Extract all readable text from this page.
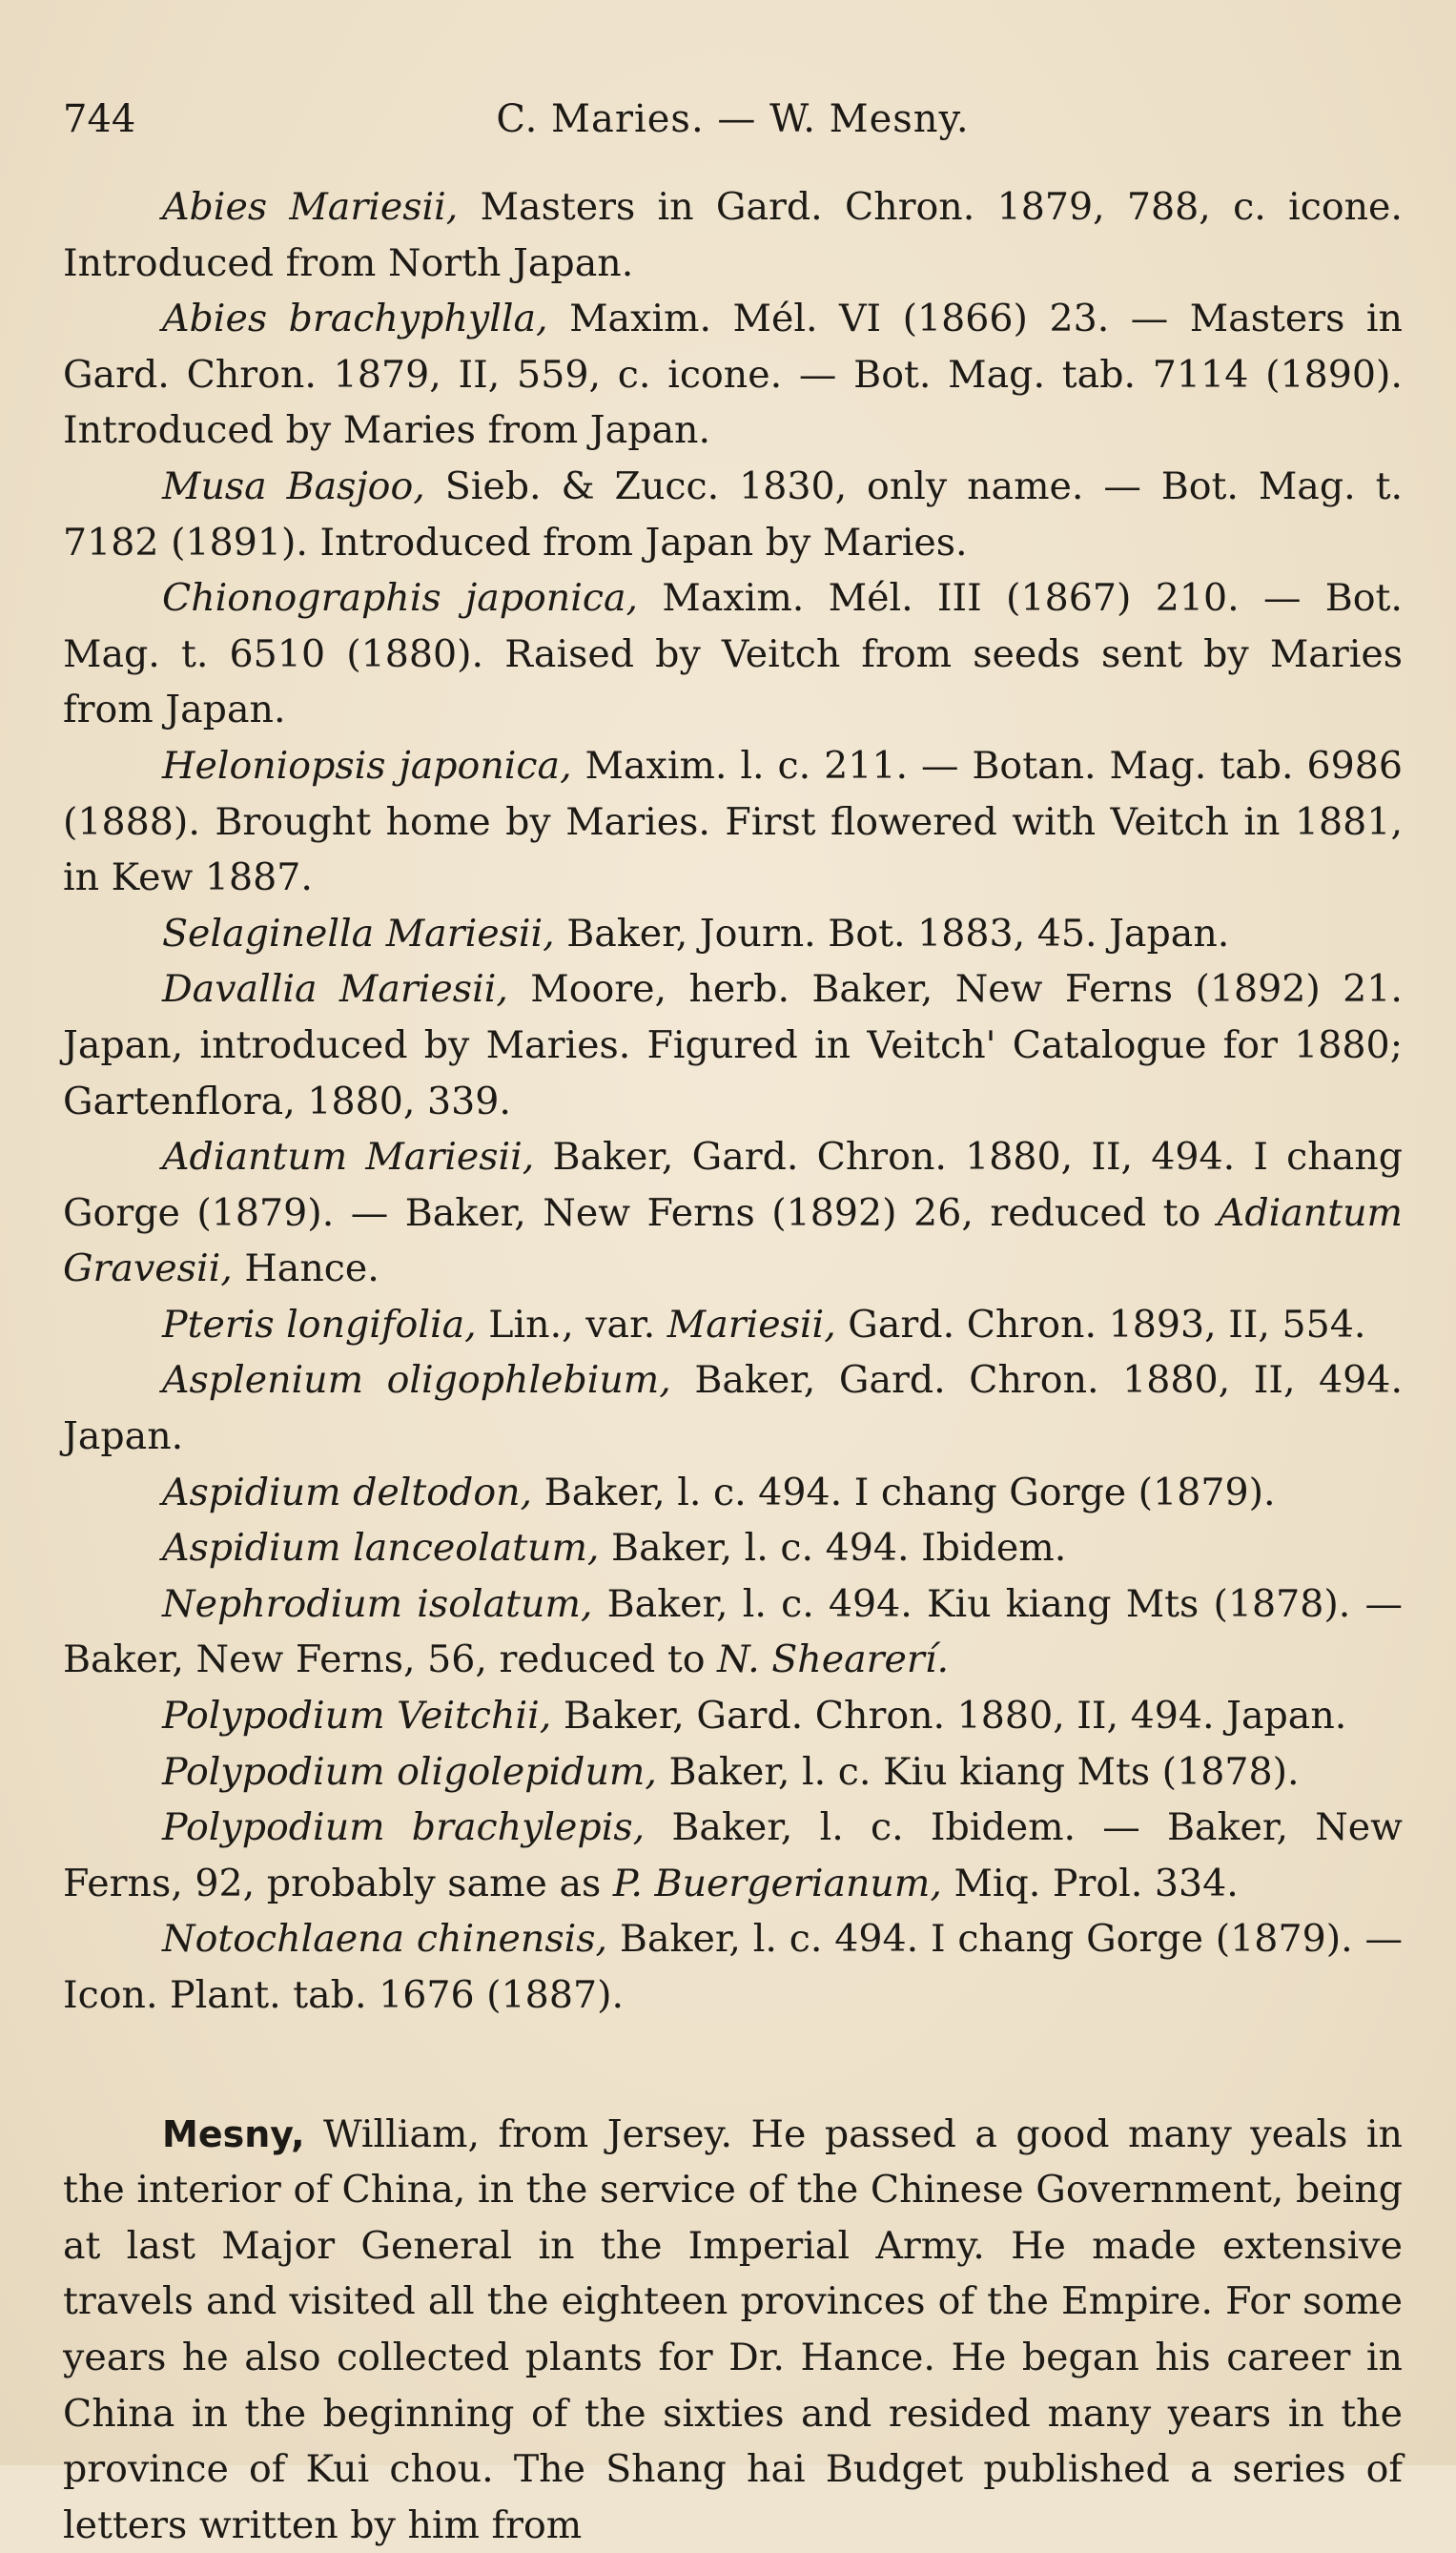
744	C. Maries. — W. Mesny.

Abies Mariesii, Masters in Gard. Chron. 1879, 788, c. icone. Introduced from North Japan.

Abies brachyphylla, Maxim. Mél. VI (1866) 23. — Masters in Gard. Chron. 1879, II, 559, c. icone. — Bot. Mag. tab. 7114 (1890). Introduced by Maries from Japan.

Musa Basjoo, Sieb. & Zucc. 1830, only name. — Bot. Mag. t. 7182 (1891). Introduced from Japan by Maries.

Chionographis japonica, Maxim. Mél. III (1867) 210. — Bot. Mag. t. 6510 (1880). Raised by Veitch from seeds sent by Maries from Japan.

Heloniopsis japonica, Maxim. l. c. 211. — Botan. Mag. tab. 6986 (1888). Brought home by Maries. First flowered with Veitch in 1881, in Kew 1887.

Selaginella Mariesii, Baker, Journ. Bot. 1883, 45. Japan.

Davallia Mariesii, Moore, herb. Baker, New Ferns (1892) 21. Japan, introduced by Maries. Figured in Veitch' Catalogue for 1880; Gartenflora, 1880, 339.

Adiantum Mariesii, Baker, Gard. Chron. 1880, II, 494. I chang Gorge (1879). — Baker, New Ferns (1892) 26, reduced to Adiantum Gravesii, Hance.

Pteris longifolia, Lin., var. Mariesii, Gard. Chron. 1893, II, 554.

Asplenium oligophlebium, Baker, Gard. Chron. 1880, II, 494. Japan.

Aspidium deltodon, Baker, l. c. 494. I chang Gorge (1879).

Aspidium lanceolatum, Baker, l. c. 494. Ibidem.

Nephrodium isolatum, Baker, l. c. 494. Kiu kiang Mts (1878). — Baker, New Ferns, 56, reduced to N. Shearerí.

Polypodium Veitchii, Baker, Gard. Chron. 1880, II, 494. Japan.

Polypodium oligolepidum, Baker, l. c. Kiu kiang Mts (1878).

Polypodium brachylepis, Baker, l. c. Ibidem. — Baker, New Ferns, 92, probably same as P. Buergerianum, Miq. Prol. 334.

Notochlaena chinensis, Baker, l. c. 494. I chang Gorge (1879). — Icon. Plant. tab. 1676 (1887).

Mesny, William, from Jersey. He passed a good many yeals in the interior of China, in the service of the Chinese Government, being at last Major General in the Imperial Army. He made extensive travels and visited all the eighteen provinces of the Empire. For some years he also collected plants for Dr. Hance. He began his career in China in the beginning of the sixties and resided many years in the province of Kui chou. The Shang hai Budget published a series of letters written by him from
